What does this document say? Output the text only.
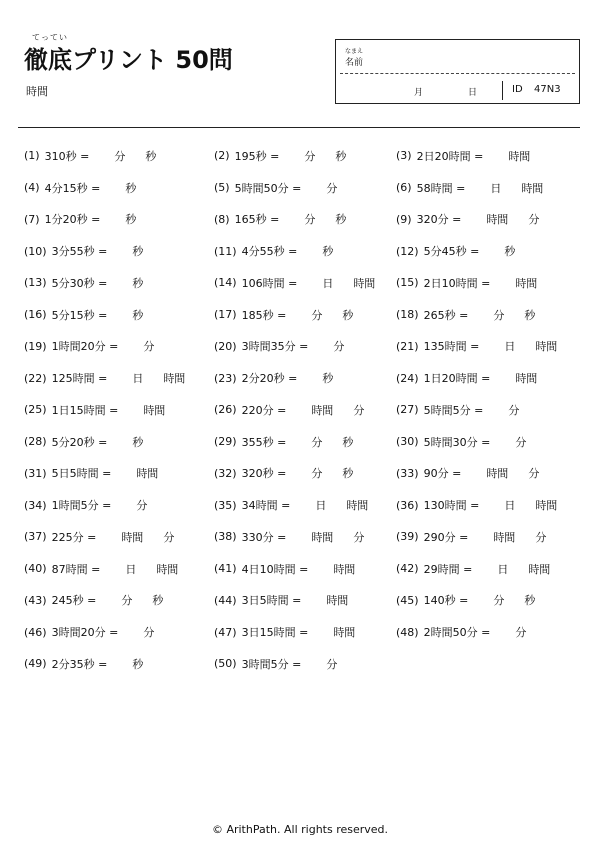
てってい
徹底プリント 50問
時間
なまえ
名前
月	日	ID 47N3
(1) 310秒 =	分 秒	(2) 195秒 =	分 秒	(3) 2日20時間 =	時間
(4) 4分15秒 =	秒	(5) 5時間50分 =	分	(6) 58時間 =	日 時間
(7) 1分20秒 =	秒	(8) 165秒 =	分 秒	(9) 320分 =	時間 分
(10) 3分55秒 =	秒	(11) 4分55秒 =	秒	(12) 5分45秒 =	秒
(13) 5分30秒 =	秒	(14) 106時間 =	日 時間 (15) 2日10時間 =	時間
(16) 5分15秒 =	秒	(17) 185秒 =	分 秒	(18) 265秒 =	分 秒
(19) 1時間20分 =	分	(20) 3時間35分 =	分	(21) 135時間 =	日 時間
(22) 125時間 =	日 時間	(23) 2分20秒 =	秒	(24) 1日20時間 =	時間
(25) 1日15時間 =	時間	(26) 220分 =	時間 分	(27) 5時間5分 =	分
(28) 5分20秒 =	秒	(29) 355秒 =	分 秒	(30) 5時間30分 =	分
(31) 5日5時間 =	時間	(32) 320秒 =	分 秒	(33) 90分 =	時間 分
(34) 1時間5分 =	分	(35) 34時間 =	日 時間	(36) 130時間 =	日 時間
(37) 225分 =	時間 分	(38) 330分 =	時間 分	(39) 290分 =	時間 分
(40) 87時間 =	日 時間	(41) 4日10時間 =	時間	(42) 29時間 =	日 時間
(43) 245秒 =	分 秒	(44) 3日5時間 =	時間	(45) 140秒 =	分 秒
(46) 3時間20分 =	分	(47) 3日15時間 =	時間	(48) 2時間50分 =	分
(49) 2分35秒 =	秒	(50) 3時間5分 =	分
© ArithPath. All rights reserved.
